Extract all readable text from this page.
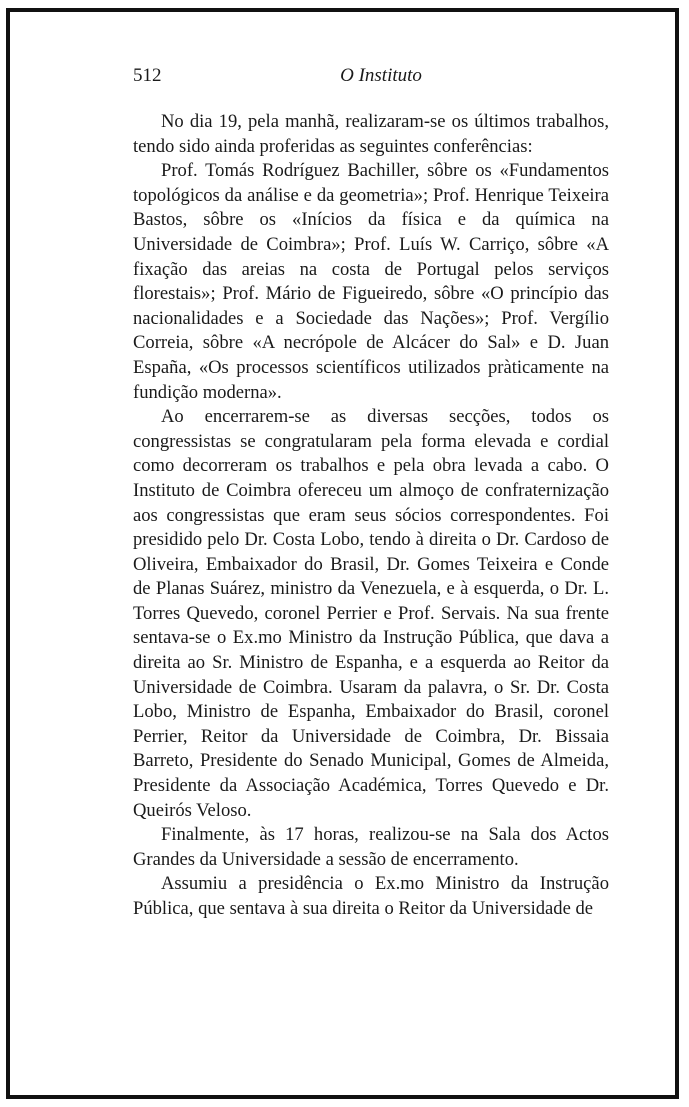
512	O Instituto

No dia 19, pela manhã, realizaram-se os últimos trabalhos, tendo sido ainda proferidas as seguintes conferências:

Prof. Tomás Rodríguez Bachiller, sôbre os «Fundamentos topológicos da análise e da geometria»; Prof. Henrique Teixeira Bastos, sôbre os «Inícios da física e da química na Universidade de Coimbra»; Prof. Luís W. Carriço, sôbre «A fixação das areias na costa de Portugal pelos serviços florestais»; Prof. Mário de Figueiredo, sôbre «O princípio das nacionalidades e a Sociedade das Nações»; Prof. Vergílio Correia, sôbre «A necrópole de Alcácer do Sal» e D. Juan España, «Os processos scientíficos utilizados pràticamente na fundição moderna».

Ao encerrarem-se as diversas secções, todos os congressistas se congratularam pela forma elevada e cordial como decorreram os trabalhos e pela obra levada a cabo. O Instituto de Coimbra ofereceu um almoço de confraternização aos congressistas que eram seus sócios correspondentes. Foi presidido pelo Dr. Costa Lobo, tendo à direita o Dr. Cardoso de Oliveira, Embaixador do Brasil, Dr. Gomes Teixeira e Conde de Planas Suárez, ministro da Venezuela, e à esquerda, o Dr. L. Torres Quevedo, coronel Perrier e Prof. Servais. Na sua frente sentava-se o Ex.mo Ministro da Instrução Pública, que dava a direita ao Sr. Ministro de Espanha, e a esquerda ao Reitor da Universidade de Coimbra. Usaram da palavra, o Sr. Dr. Costa Lobo, Ministro de Espanha, Embaixador do Brasil, coronel Perrier, Reitor da Universidade de Coimbra, Dr. Bissaia Barreto, Presidente do Senado Municipal, Gomes de Almeida, Presidente da Associação Académica, Torres Quevedo e Dr. Queirós Veloso.

Finalmente, às 17 horas, realizou-se na Sala dos Actos Grandes da Universidade a sessão de encerramento.

Assumiu a presidência o Ex.mo Ministro da Instrução Pública, que sentava à sua direita o Reitor da Universidade de
